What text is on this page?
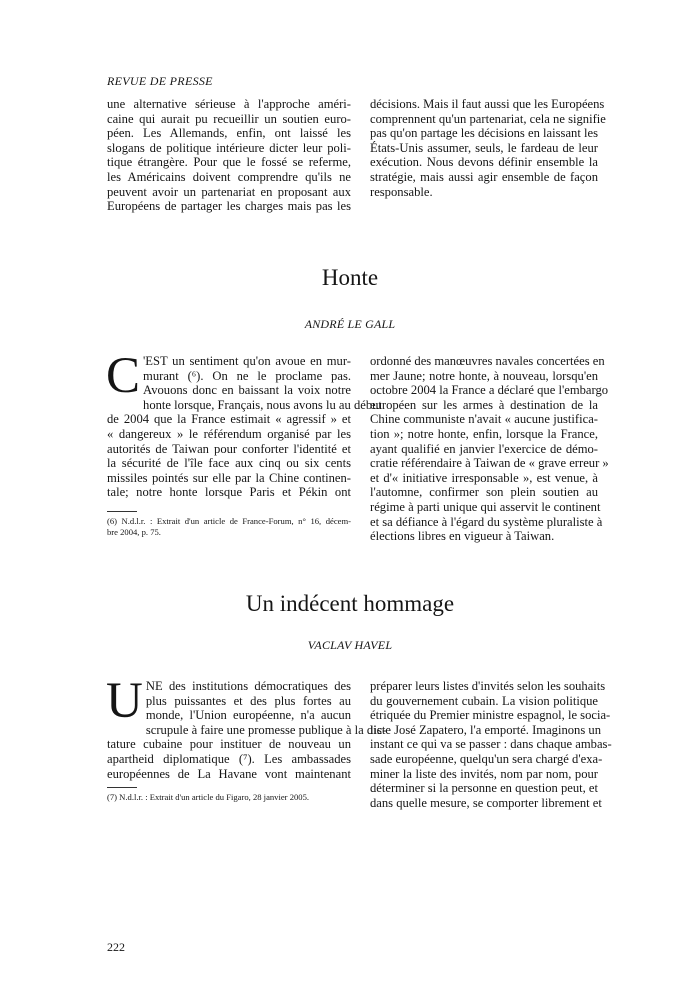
REVUE DE PRESSE
une alternative sérieuse à l'approche améri-
caine qui aurait pu recueillir un soutien euro-
péen. Les Allemands, enfin, ont laissé les
slogans de politique intérieure dicter leur poli-
tique étrangère. Pour que le fossé se referme,
les Américains doivent comprendre qu'ils ne
peuvent avoir un partenariat en proposant aux
Européens de partager les charges mais pas les
décisions. Mais il faut aussi que les Européens
comprennent qu'un partenariat, cela ne signifie
pas qu'on partage les décisions en laissant les
États-Unis assumer, seuls, le fardeau de leur
exécution. Nous devons définir ensemble la
stratégie, mais aussi agir ensemble de façon
responsable.
Honte
ANDRÉ LE GALL
C 'EST un sentiment qu'on avoue en mur-
murant (⁶). On ne le proclame pas.
Avouons donc en baissant la voix notre
honte lorsque, Français, nous avons lu au début
de 2004 que la France estimait « agressif » et
« dangereux » le référendum organisé par les
autorités de Taiwan pour conforter l'identité et
la sécurité de l'île face aux cinq ou six cents
missiles pointés sur elle par la Chine continen-
tale; notre honte lorsque Paris et Pékin ont
ordonné des manœuvres navales concertées en
mer Jaune; notre honte, à nouveau, lorsqu'en
octobre 2004 la France a déclaré que l'embargo
européen sur les armes à destination de la
Chine communiste n'avait « aucune justifica-
tion »; notre honte, enfin, lorsque la France,
ayant qualifié en janvier l'exercice de démo-
cratie référendaire à Taiwan de « grave erreur »
et d'« initiative irresponsable », est venue, à
l'automne, confirmer son plein soutien au
régime à parti unique qui asservit le continent
et sa défiance à l'égard du système pluraliste à
élections libres en vigueur à Taiwan.
(6) N.d.l.r. : Extrait d'un article de France-Forum, n° 16, décem-
bre 2004, p. 75.
Un indécent hommage
VACLAV HAVEL
U NE des institutions démocratiques des
plus puissantes et des plus fortes au
monde, l'Union européenne, n'a aucun
scrupule à faire une promesse publique à la dic-
tature cubaine pour instituer de nouveau un
apartheid diplomatique (⁷). Les ambassades
européennes de La Havane vont maintenant
préparer leurs listes d'invités selon les souhaits
du gouvernement cubain. La vision politique
étriquée du Premier ministre espagnol, le socia-
liste José Zapatero, l'a emporté. Imaginons un
instant ce qui va se passer : dans chaque ambas-
sade européenne, quelqu'un sera chargé d'exa-
miner la liste des invités, nom par nom, pour
déterminer si la personne en question peut, et
dans quelle mesure, se comporter librement et
(7) N.d.l.r. : Extrait d'un article du Figaro, 28 janvier 2005.
222
